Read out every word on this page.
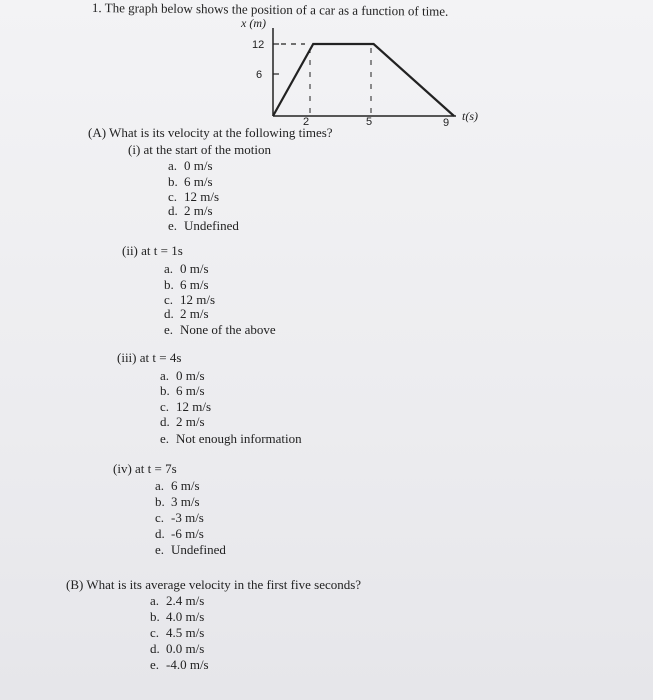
1. The graph below shows the position of a car as a function of time.
x (m)
12
6
2	5	9 t(s)
(A) What is its velocity at the following times?
(i) at the start of the motion
a. 0 m/s
b. 6 m/s
c. 12 m/s
d. 2 m/s
e. Undefined
(ii) at t = 1s
a. 0 m/s
b. 6 m/s
c. 12 m/s
d. 2 m/s
e. None of the above
(iii) at t = 4s
a. 0 m/s
b. 6 m/s
c. 12 m/s
d. 2 m/s
e. Not enough information
(iv) at t = 7s
a. 6 m/s
b. 3 m/s
c. -3 m/s
d. -6 m/s
e. Undefined
(B) What is its average velocity in the first five seconds?
a. 2.4 m/s
b. 4.0 m/s
c. 4.5 m/s
d. 0.0 m/s
e. -4.0 m/s
